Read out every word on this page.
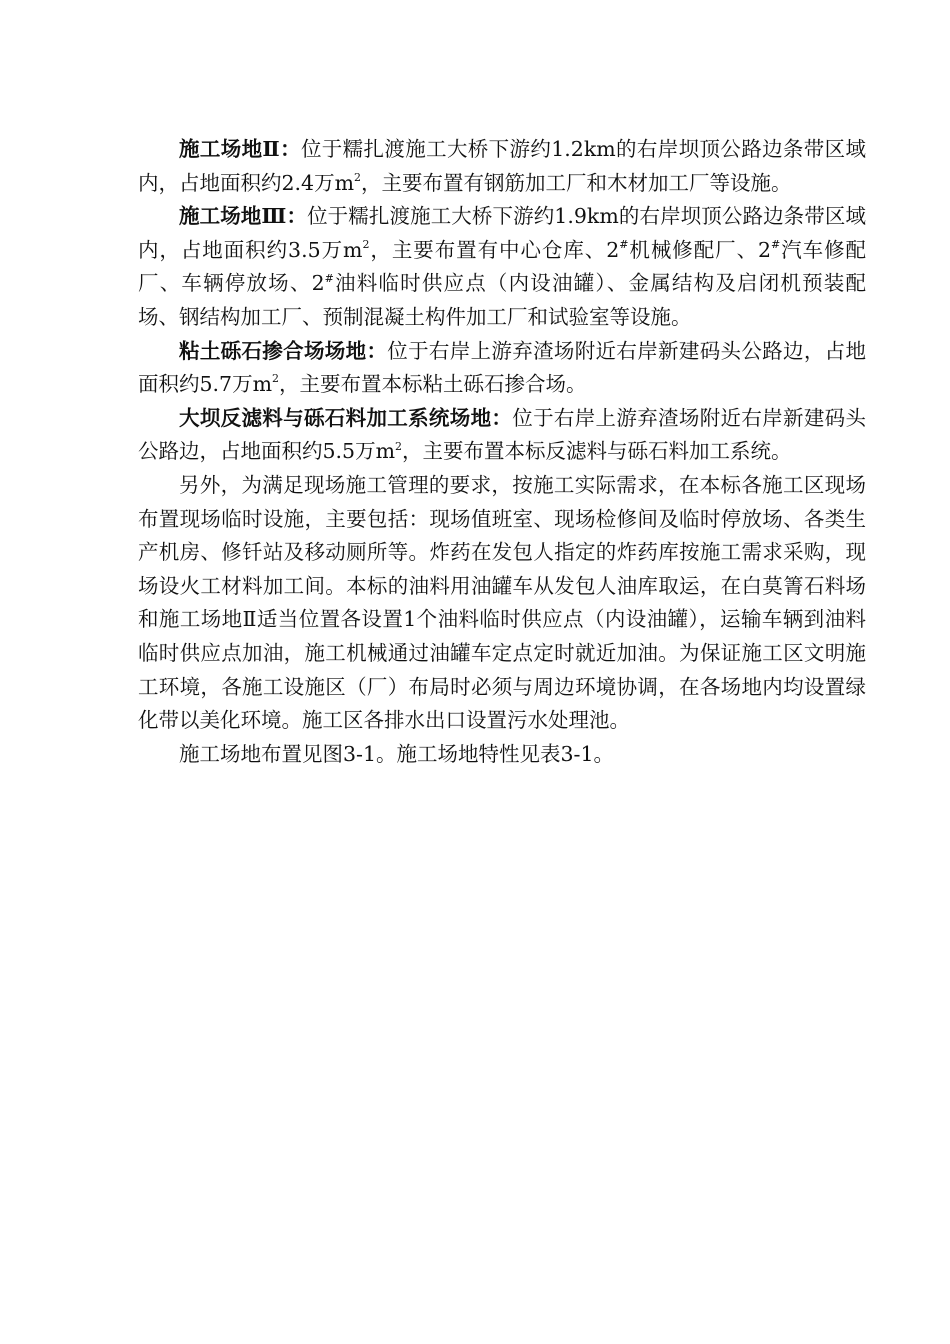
施工场地Ⅱ：位于糯扎渡施工大桥下游约1.2km的右岸坝顶公路边条带区域内，占地面积约2.4万$m^2$，主要布置有钢筋加工厂和木材加工厂等设施。

施工场地Ⅲ：位于糯扎渡施工大桥下游约1.9km的右岸坝顶公路边条带区域内，占地面积约3.5万$m^2$，主要布置有中心仓库、2#机械修配厂、2#汽车修配厂、车辆停放场、2#油料临时供应点（内设油罐）、金属结构及启闭机预装配场、钢结构加工厂、预制混凝土构件加工厂和试验室等设施。

粘土砾石掺合场场地：位于右岸上游弃渣场附近右岸新建码头公路边，占地面积约5.7万$m^2$，主要布置本标粘土砾石掺合场。

大坝反滤料与砾石料加工系统场地：位于右岸上游弃渣场附近右岸新建码头公路边，占地面积约5.5万$m^2$，主要布置本标反滤料与砾石料加工系统。

另外，为满足现场施工管理的要求，按施工实际需求，在本标各施工区现场布置现场临时设施，主要包括：现场值班室、现场检修间及临时停放场、各类生产机房、修钎站及移动厕所等。炸药在发包人指定的炸药库按施工需求采购，现场设火工材料加工间。本标的油料用油罐车从发包人油库取运，在白莫箐石料场和施工场地Ⅱ适当位置各设置1个油料临时供应点（内设油罐），运输车辆到油料临时供应点加油，施工机械通过油罐车定点定时就近加油。为保证施工区文明施工环境，各施工设施区（厂）布局时必须与周边环境协调，在各场地内均设置绿化带以美化环境。施工区各排水出口设置污水处理池。

施工场地布置见图3-1。施工场地特性见表3-1。
